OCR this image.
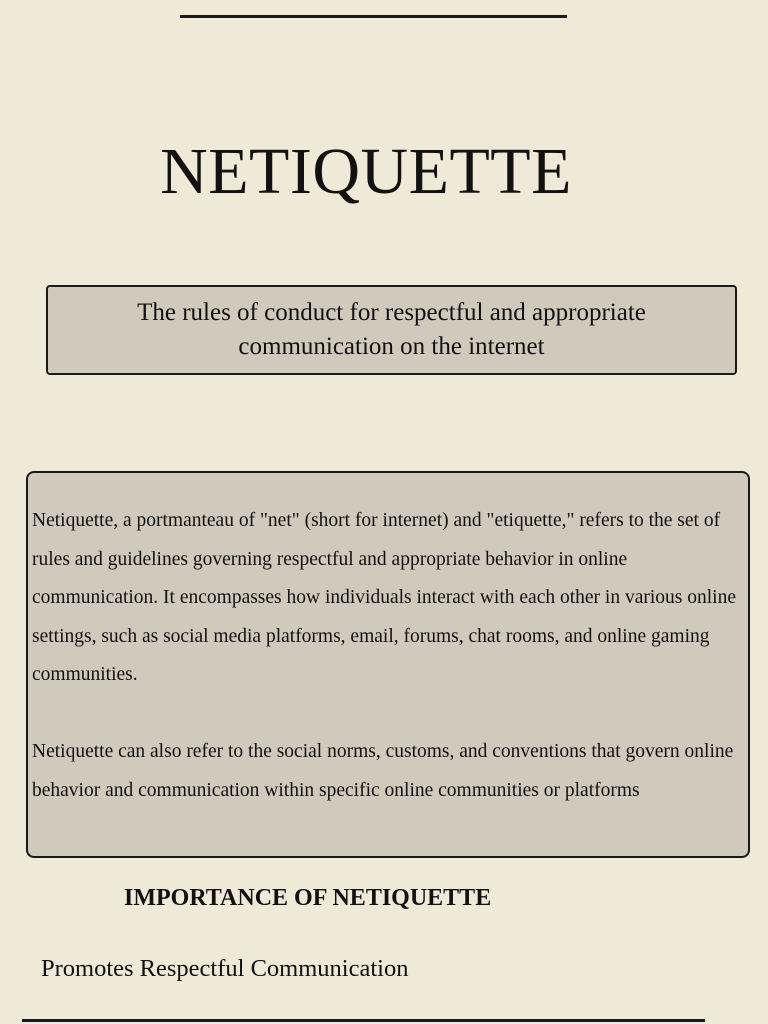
NETIQUETTE
The rules of conduct for respectful and appropriate communication on the internet

Netiquette, a portmanteau of "net" (short for internet) and "etiquette," refers to the set of rules and guidelines governing respectful and appropriate behavior in online communication. It encompasses how individuals interact with each other in various online settings, such as social media platforms, email, forums, chat rooms, and online gaming communities.

Netiquette can also refer to the social norms, customs, and conventions that govern online behavior and communication within specific online communities or platforms

IMPORTANCE OF NETIQUETTE
Promotes Respectful Communication
